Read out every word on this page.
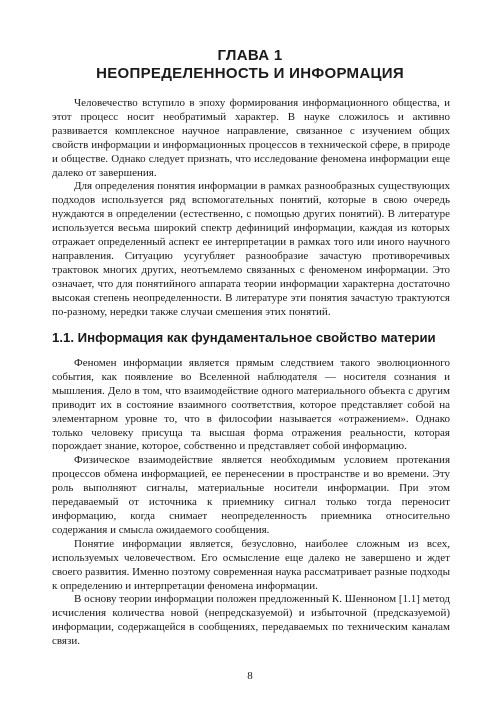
ГЛАВА 1
НЕОПРЕДЕЛЕННОСТЬ И ИНФОРМАЦИЯ

Человечество вступило в эпоху формирования информационного общества, и этот процесс носит необратимый характер. В науке сложилось и активно развивается комплексное научное направление, связанное с изучением общих свойств информации и информационных процессов в технической сфере, в природе и обществе. Однако следует признать, что исследование феномена информации еще далеко от завершения.

Для определения понятия информации в рамках разнообразных существующих подходов используется ряд вспомогательных понятий, которые в свою очередь нуждаются в определении (естественно, с помощью других понятий). В литературе используется весьма широкий спектр дефиниций информации, каждая из которых отражает определенный аспект ее интерпретации в рамках того или иного научного направления. Ситуацию усугубляет разнообразие зачастую противоречивых трактовок многих других, неотъемлемо связанных с феноменом информации. Это означает, что для понятийного аппарата теории информации характерна достаточно высокая степень неопределенности. В литературе эти понятия зачастую трактуются по-разному, нередки также случаи смешения этих понятий.

1.1. Информация как фундаментальное свойство материи

Феномен информации является прямым следствием такого эволюционного события, как появление во Вселенной наблюдателя — носителя сознания и мышления. Дело в том, что взаимодействие одного материального объекта с другим приводит их в состояние взаимного соответствия, которое представляет собой на элементарном уровне то, что в философии называется «отражением». Однако только человеку присуща та высшая форма отражения реальности, которая порождает знание, которое, собственно и представляет собой информацию.

Физическое взаимодействие является необходимым условием протекания процессов обмена информацией, ее перенесении в пространстве и во времени. Эту роль выполняют сигналы, материальные носители информации. При этом передаваемый от источника к приемнику сигнал только тогда переносит информацию, когда снимает неопределенность приемника относительно содержания и смысла ожидаемого сообщения.

Понятие информации является, безусловно, наиболее сложным из всех, используемых человечеством. Его осмысление еще далеко не завершено и ждет своего развития. Именно поэтому современная наука рассматривает разные подходы к определению и интерпретации феномена информации.

В основу теории информации положен предложенный К. Шенноном [1.1] метод исчисления количества новой (непредсказуемой) и избыточной (предсказуемой) информации, содержащейся в сообщениях, передаваемых по техническим каналам связи.

8
